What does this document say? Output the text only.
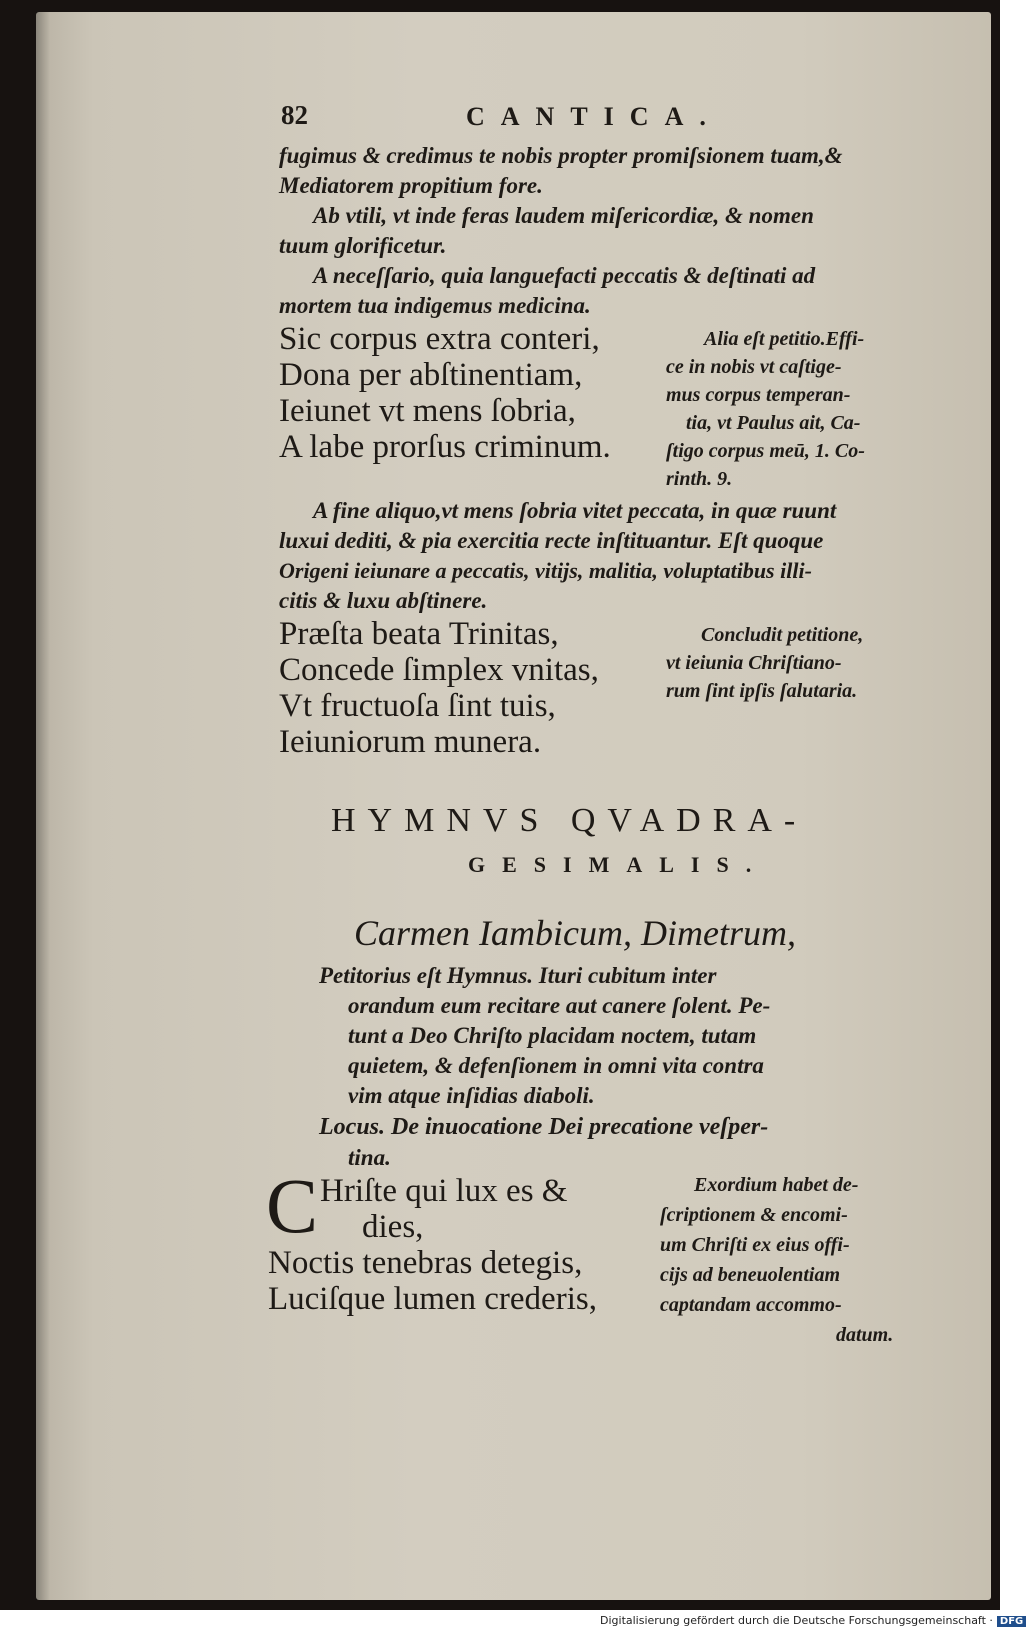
82	CANTICA.
fugimus & credimus te nobis propter promiſsionem tuam,&
Mediatorem propitium fore.
Ab vtili, vt inde feras laudem miſericordiæ, & nomen
tuum glorificetur.
A neceſſario, quia languefacti peccatis & deſtinati ad
mortem tua indigemus medicina.
Sic corpus extra conteri,
Dona per abſtinentiam,
Ieiunet vt mens ſobria,
A labe prorſus criminum.
Alia eſt petitio.Effi-
ce in nobis vt caſtige-
mus corpus temperan-
tia, vt Paulus ait, Ca-
ſtigo corpus meū, 1. Co-
rinth. 9.
A fine aliquo,vt mens ſobria vitet peccata, in quæ ruunt
luxui dediti, & pia exercitia recte inſtituantur. Eſt quoque
Origeni ieiunare a peccatis, vitijs, malitia, voluptatibus illi-
citis & luxu abſtinere.
Præſta beata Trinitas,
Concede ſimplex vnitas,
Vt fructuoſa ſint tuis,
Ieiuniorum munera.
Concludit petitione,
vt ieiunia Chriſtiano-
rum ſint ipſis ſalutaria.
HYMNVS QVADRA-
GESIMALIS.
Carmen Iambicum, Dimetrum,
Petitorius eſt Hymnus. Ituri cubitum inter
orandum eum recitare aut canere ſolent. Pe-
tunt a Deo Chriſto placidam noctem, tutam
quietem, & defenſionem in omni vita contra
vim atque inſidias diaboli.
Locus. De inuocatione Dei precatione veſper-
tina.
C Hriſte qui lux es &
dies,
Noctis tenebras detegis,
Luciſque lumen crederis,
Exordium habet de-
ſcriptionem & encomi-
um Chriſti ex eius offi-
cijs ad beneuolentiam
captandam accommo-
datum.
Digitalisierung gefördert durch die Deutsche Forschungsgemeinschaft · DFG
